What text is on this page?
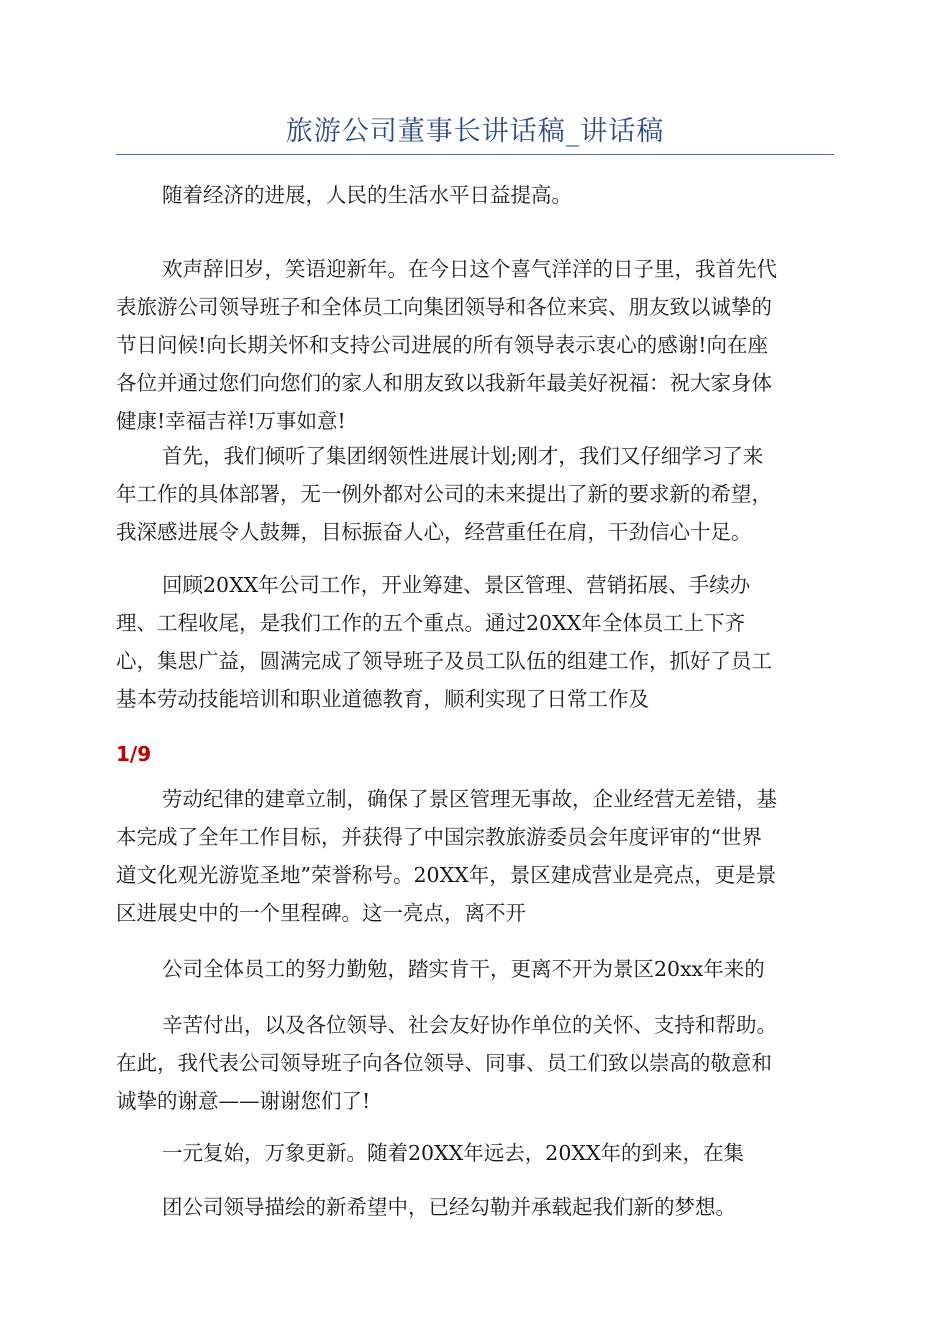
旅游公司董事长讲话稿_讲话稿

随着经济的进展，人民的生活水平日益提高。

欢声辞旧岁，笑语迎新年。在今日这个喜气洋洋的日子里，我首先代
表旅游公司领导班子和全体员工向集团领导和各位来宾、朋友致以诚挚的
节日问候!向长期关怀和支持公司进展的所有领导表示衷心的感谢!向在座
各位并通过您们向您们的家人和朋友致以我新年最美好祝福：祝大家身体
健康!幸福吉祥!万事如意!

首先，我们倾听了集团纲领性进展计划;刚才，我们又仔细学习了来
年工作的具体部署，无一例外都对公司的未来提出了新的要求新的希望，
我深感进展令人鼓舞，目标振奋人心，经营重任在肩，干劲信心十足。

回顾20XX年公司工作，开业筹建、景区管理、营销拓展、手续办
理、工程收尾，是我们工作的五个重点。通过20XX年全体员工上下齐
心，集思广益，圆满完成了领导班子及员工队伍的组建工作，抓好了员工
基本劳动技能培训和职业道德教育，顺利实现了日常工作及

1/9

劳动纪律的建章立制，确保了景区管理无事故，企业经营无差错，基
本完成了全年工作目标，并获得了中国宗教旅游委员会年度评审的“世界
道文化观光游览圣地”荣誉称号。20XX年，景区建成营业是亮点，更是景
区进展史中的一个里程碑。这一亮点，离不开

公司全体员工的努力勤勉，踏实肯干，更离不开为景区20xx年来的

辛苦付出，以及各位领导、社会友好协作单位的关怀、支持和帮助。
在此，我代表公司领导班子向各位领导、同事、员工们致以崇高的敬意和
诚挚的谢意——谢谢您们了!

一元复始，万象更新。随着20XX年远去，20XX年的到来，在集

团公司领导描绘的新希望中，已经勾勒并承载起我们新的梦想。
